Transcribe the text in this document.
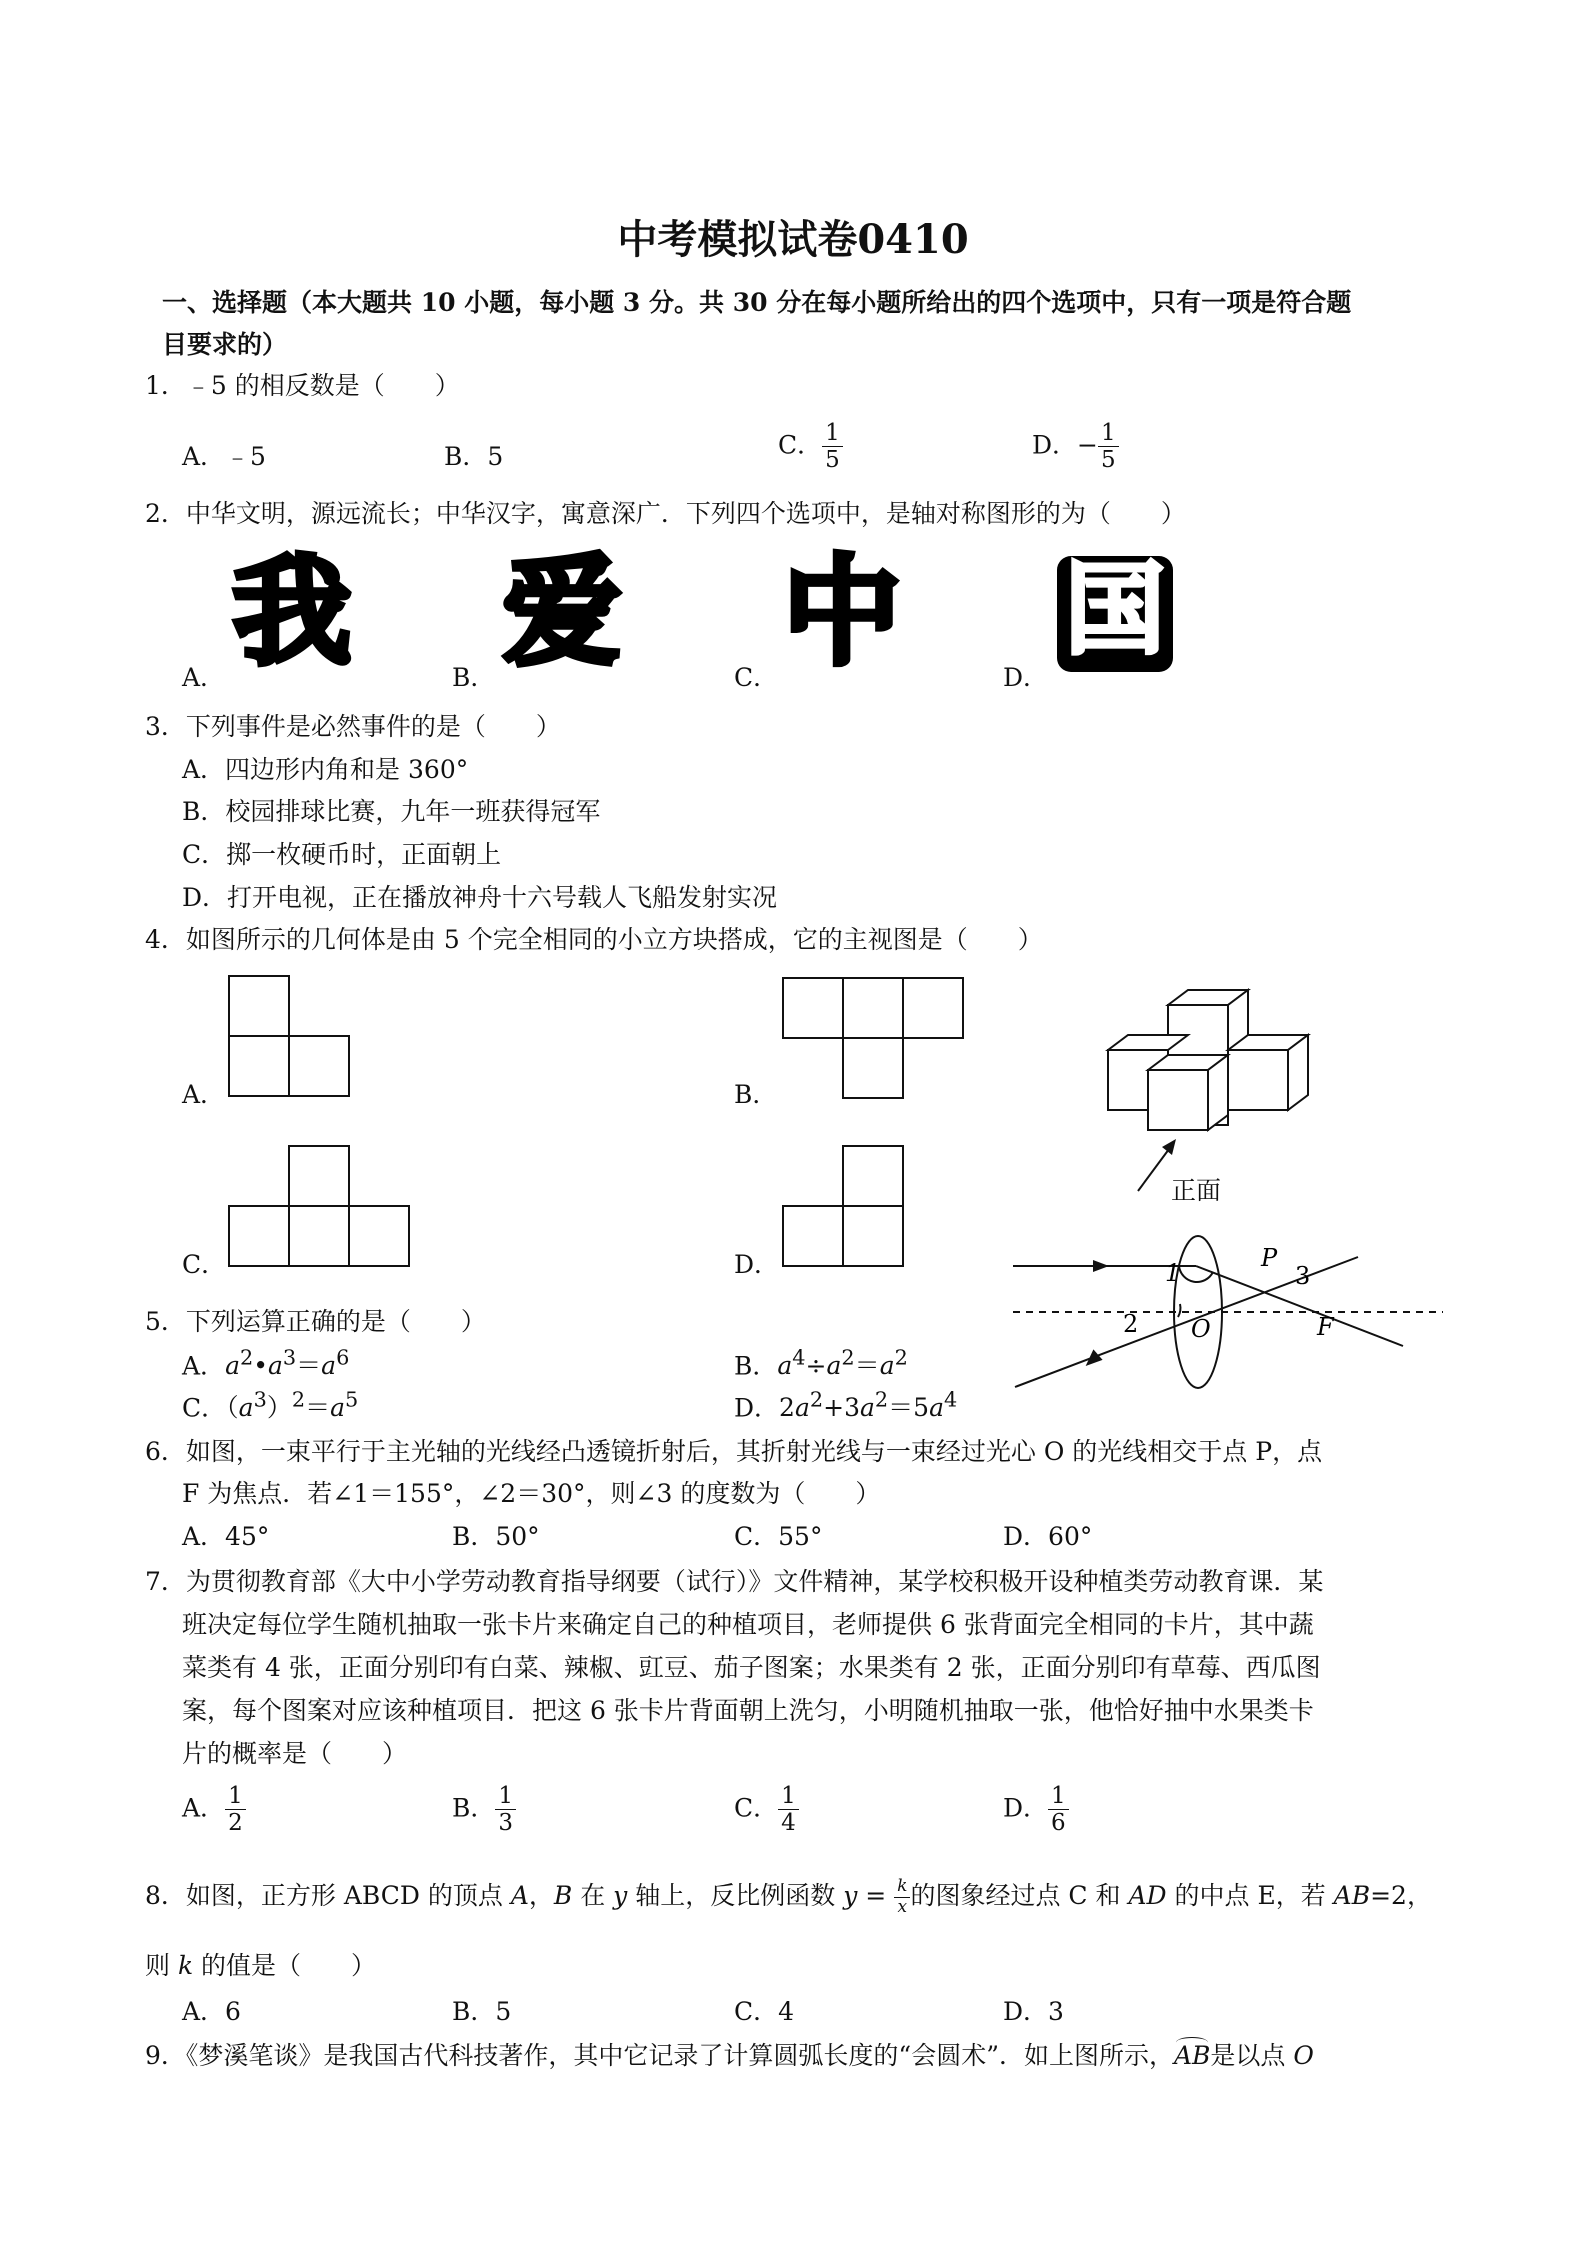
中考模拟试卷0410
一、选择题（本大题共 10 小题，每小题 3 分。共 30 分在每小题所给出的四个选项中，只有一项是符合题
目要求的）
1．﹣5 的相反数是（　　）
A．﹣5	B．5	C． $\frac{1}{5}$	D．− $\frac{1}{5}$
2．中华文明，源远流长；中华汉字，寓意深广．下列四个选项中，是轴对称图形的为（　　）
我 爱 中 国
A．	B．	C．	D．
3．下列事件是必然事件的是（　　）
A．四边形内角和是 360°
B．校园排球比赛，九年一班获得冠军
C．掷一枚硬币时，正面朝上
D．打开电视，正在播放神舟十六号载人飞船发射实况
4．如图所示的几何体是由 5 个完全相同的小立方块搭成，它的主视图是（　　）
A．	B．
C．	D．
正面
1
P
3
2 O	F
5．下列运算正确的是（　　）
A．$a^2•a^3=a^6$	B．$a^4\div a^2=a^2$
C．$(a^3)^2=a^5$	D．$2a^2+3a^2=5a^4$
6．如图，一束平行于主光轴的光线经凸透镜折射后，其折射光线与一束经过光心 O 的光线相交于点 P，点
F 为焦点．若∠1＝155°，∠2＝30°，则∠3 的度数为（　　）
A．45°	B．50°	C．55°	D．60°
7．为贯彻教育部《大中小学劳动教育指导纲要（试行）》文件精神，某学校积极开设种植类劳动教育课．某
班决定每位学生随机抽取一张卡片来确定自己的种植项目，老师提供 6 张背面完全相同的卡片，其中蔬
菜类有 4 张，正面分别印有白菜、辣椒、豇豆、茄子图案；水果类有 2 张，正面分别印有草莓、西瓜图
案，每个图案对应该种植项目．把这 6 张卡片背面朝上洗匀，小明随机抽取一张，他恰好抽中水果类卡
片的概率是（　　）
A． $\frac{1}{2}$	B． $\frac{1}{3}$	C． $\frac{1}{4}$	D． $\frac{1}{6}$
8．如图，正方形 ABCD 的顶点 A，B 在 y 轴上，反比例函数 $y = \frac{k}{x}$ 的图象经过点 C 和 AD 的中点 E，若 AB=2，
则 k 的值是（　　）
A．6	B．5	C．4	D．3
9．《梦溪笔谈》是我国古代科技著作，其中它记录了计算圆弧长度的“会圆术”．如上图所示，
AB是以点 O
